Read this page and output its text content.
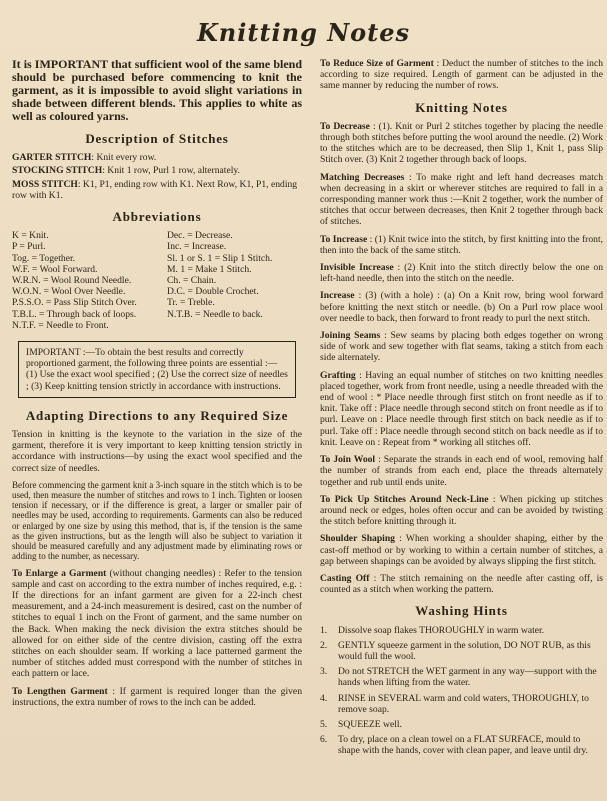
Knitting Notes

It is IMPORTANT that sufficient wool of the same blend should be purchased before commencing to knit the garment, as it is impossible to avoid slight variations in shade between different blends. This applies to white as well as coloured yarns.

Description of Stitches
GARTER STITCH: Knit every row.
STOCKING STITCH: Knit 1 row, Purl 1 row, alternately.
MOSS STITCH: K1, P1, ending row with K1. Next Row, K1, P1, ending row with K1.
Abbreviations
K = Knit.
P = Purl.
Tog. = Together.
W.F. = Wool Forward.
W.R.N. = Wool Round Needle.
W.O.N. = Wool Over Needle.
P.S.S.O. = Pass Slip Stitch Over.
T.B.L. = Through back of loops.
N.T.F. = Needle to Front.
Dec. = Decrease.
Inc. = Increase.
Sl. 1 or S. 1 = Slip 1 Stitch.
M. 1 = Make 1 Stitch.
Ch. = Chain.
D.C. = Double Crochet.
Tr. = Treble.
N.T.B. = Needle to back.
IMPORTANT :—To obtain the best results and correctly proportioned garment, the following three points are essential :—(1) Use the exact wool specified ; (2) Use the correct size of needles ; (3) Keep knitting tension strictly in accordance with instructions.
Adapting Directions to any Required Size

Tension in knitting is the keynote to the variation in the size of the garment, therefore it is very important to keep knitting tension strictly in accordance with instructions—by using the exact wool specified and the correct size of needles.

Before commencing the garment knit a 3-inch square in the stitch which is to be used, then measure the number of stitches and rows to 1 inch. Tighten or loosen tension if necessary, or if the difference is great, a larger or smaller pair of needles may be used, according to requirements. Garments can also be reduced or enlarged by one size by using this method, that is, if the tension is the same as the given instructions, but as the length will also be subject to variation it should be measured carefully and any adjustment made by eliminating rows or adding to the number, as necessary.

To Enlarge a Garment (without changing needles) : Refer to the tension sample and cast on according to the extra number of inches required, e.g. : If the directions for an infant garment are given for a 22-inch chest measurement, and a 24-inch measurement is desired, cast on the number of stitches to equal 1 inch on the Front of garment, and the same number on the Back. When making the neck division the extra stitches should be allowed for on either side of the centre division, casting off the extra stitches on each shoulder seam. If working a lace patterned garment the number of stitches added must correspond with the number of stitches in each pattern or lace.

To Lengthen Garment : If garment is required longer than the given instructions, the extra number of rows to the inch can be added.

To Reduce Size of Garment : Deduct the number of stitches to the inch according to size required. Length of garment can be adjusted in the same manner by reducing the number of rows.

Knitting Notes

To Decrease : (1). Knit or Purl 2 stitches together by placing the needle through both stitches before putting the wool around the needle. (2) Work to the stitches which are to be decreased, then Slip 1, Knit 1, pass Slip Stitch over. (3) Knit 2 together through back of loops.

Matching Decreases : To make right and left hand decreases match when decreasing in a skirt or wherever stitches are required to fall in a corresponding manner work thus :—Knit 2 together, work the number of stitches that occur between decreases, then Knit 2 together through back of stitches.

To Increase : (1) Knit twice into the stitch, by first knitting into the front, then into the back of the same stitch.

Invisible Increase : (2) Knit into the stitch directly below the one on left-hand needle, then into the stitch on the needle.

Increase : (3) (with a hole) : (a) On a Knit row, bring wool forward before knitting the next stitch or needle. (b) On a Purl row place wool over needle to back, then forward to front ready to purl the next stitch.

Joining Seams : Sew seams by placing both edges together on wrong side of work and sew together with flat seams, taking a stitch from each side alternately.

Grafting : Having an equal number of stitches on two knitting needles placed together, work from front needle, using a needle threaded with the end of wool : * Place needle through first stitch on front needle as if to knit. Take off : Place needle through second stitch on front needle as if to purl. Leave on : Place needle through first stitch on back needle as if to purl. Take off : Place needle through second stitch on back needle as if to knit. Leave on : Repeat from * working all stitches off.

To Join Wool : Separate the strands in each end of wool, removing half the number of strands from each end, place the threads alternately together and rub until ends unite.

To Pick Up Stitches Around Neck-Line : When picking up stitches around neck or edges, holes often occur and can be avoided by twisting the stitch before knitting through it.

Shoulder Shaping : When working a shoulder shaping, either by the cast-off method or by working to within a certain number of stitches, a gap between shapings can be avoided by always slipping the first stitch.

Casting Off : The stitch remaining on the needle after casting off, is counted as a stitch when working the pattern.

Washing Hints
1. Dissolve soap flakes THOROUGHLY in warm water.
2. GENTLY squeeze garment in the solution, DO NOT RUB, as this would full the wool.
3. Do not STRETCH the WET garment in any way—support with the hands when lifting from the water.
4. RINSE in SEVERAL warm and cold waters, THOROUGHLY, to remove soap.
5. SQUEEZE well.
6. To dry, place on a clean towel on a FLAT SURFACE, mould to shape with the hands, cover with clean paper, and leave until dry.
